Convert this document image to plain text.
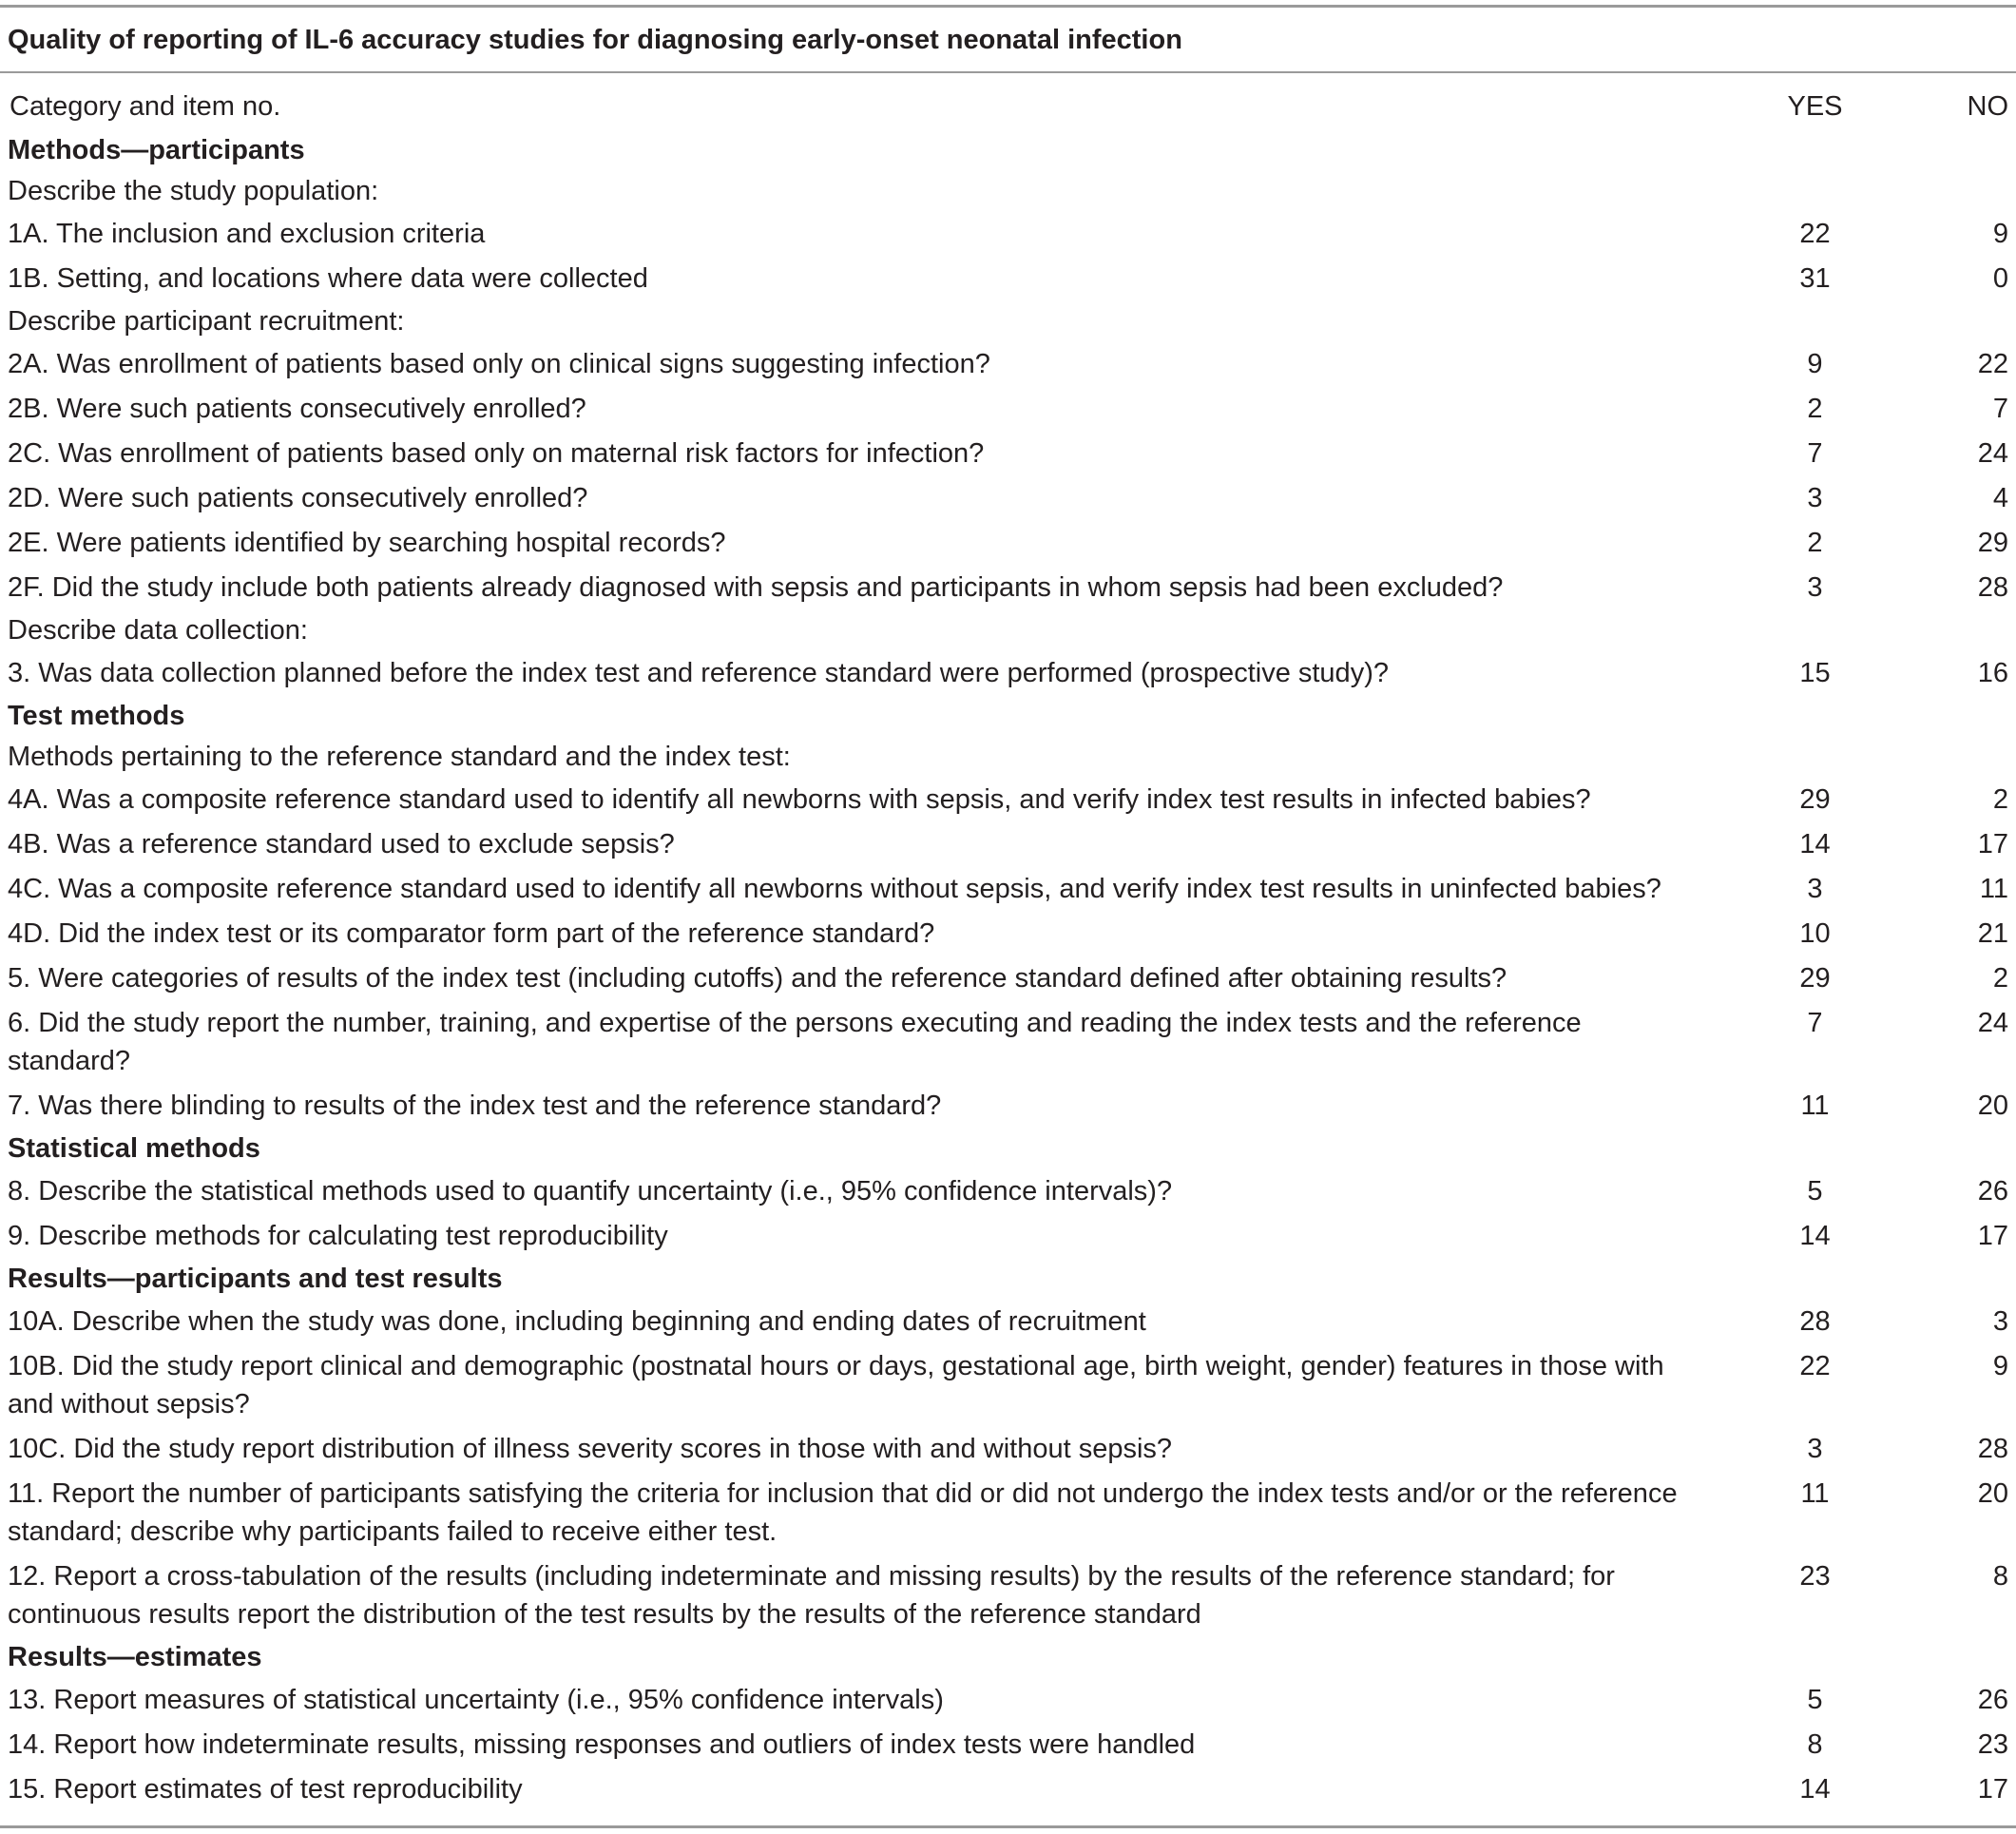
Quality of reporting of IL-6 accuracy studies for diagnosing early-onset neonatal infection
Category and item no.	YES	NO
Methods—participants		
Describe the study population:		
1A. The inclusion and exclusion criteria	22	9
1B. Setting, and locations where data were collected	31	0
Describe participant recruitment:		
2A. Was enrollment of patients based only on clinical signs suggesting infection?	9	22
2B. Were such patients consecutively enrolled?	2	7
2C. Was enrollment of patients based only on maternal risk factors for infection?	7	24
2D. Were such patients consecutively enrolled?	3	4
2E. Were patients identified by searching hospital records?	2	29
2F. Did the study include both patients already diagnosed with sepsis and participants in whom sepsis had been excluded?	3	28
Describe data collection:		
3. Was data collection planned before the index test and reference standard were performed (prospective study)?	15	16
Test methods		
Methods pertaining to the reference standard and the index test:		
4A. Was a composite reference standard used to identify all newborns with sepsis, and verify index test results in infected babies?	29	2
4B. Was a reference standard used to exclude sepsis?	14	17
4C. Was a composite reference standard used to identify all newborns without sepsis, and verify index test results in uninfected babies?	3	11
4D. Did the index test or its comparator form part of the reference standard?	10	21
5. Were categories of results of the index test (including cutoffs) and the reference standard defined after obtaining results?	29	2
6. Did the study report the number, training, and expertise of the persons executing and reading the index tests and the reference standard?	7	24
7. Was there blinding to results of the index test and the reference standard?	11	20
Statistical methods		
8. Describe the statistical methods used to quantify uncertainty (i.e., 95% confidence intervals)?	5	26
9. Describe methods for calculating test reproducibility	14	17
Results—participants and test results		
10A. Describe when the study was done, including beginning and ending dates of recruitment	28	3
10B. Did the study report clinical and demographic (postnatal hours or days, gestational age, birth weight, gender) features in those with and without sepsis?	22	9
10C. Did the study report distribution of illness severity scores in those with and without sepsis?	3	28
11. Report the number of participants satisfying the criteria for inclusion that did or did not undergo the index tests and/or or the reference standard; describe why participants failed to receive either test.	11	20
12. Report a cross-tabulation of the results (including indeterminate and missing results) by the results of the reference standard; for continuous results report the distribution of the test results by the results of the reference standard	23	8
Results—estimates		
13. Report measures of statistical uncertainty (i.e., 95% confidence intervals)	5	26
14. Report how indeterminate results, missing responses and outliers of index tests were handled	8	23
15. Report estimates of test reproducibility	14	17
